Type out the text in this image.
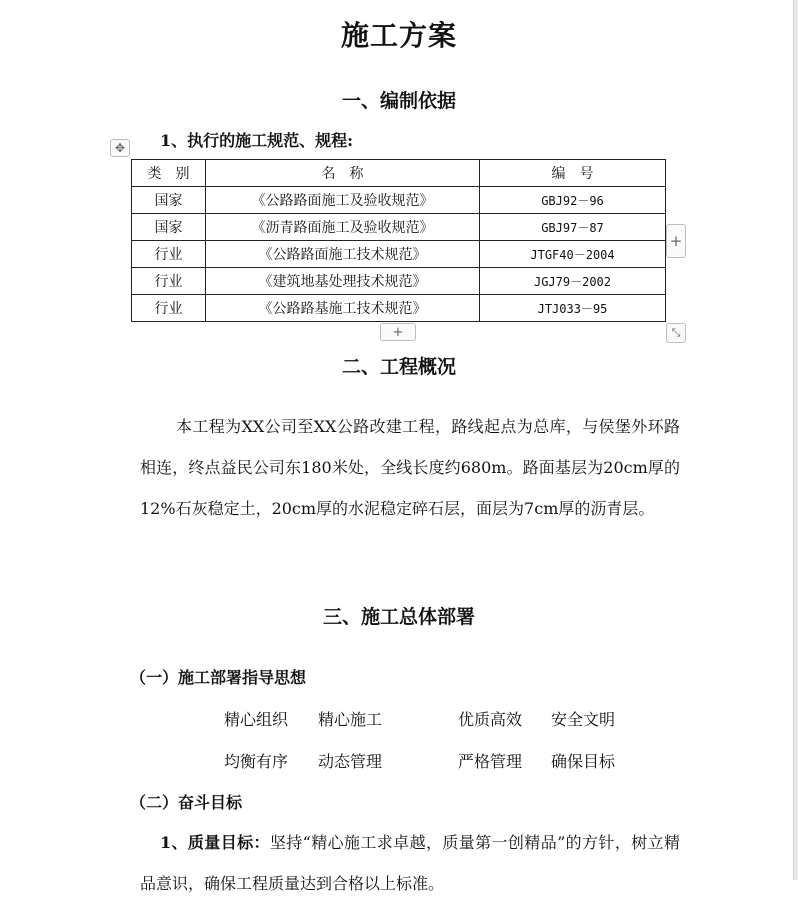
施工方案
一、编制依据
✥	1、执行的施工规范、规程:
类　别	名　称	编　号
国家	《公路路面施工及验收规范》	GBJ92－96
国家	《沥青路面施工及验收规范》	GBJ97－87
行业	《公路路面施工技术规范》	JTGF40－2004
行业	《建筑地基处理技术规范》	JGJ79－2002
行业	《公路路基施工技术规范》	JTJ033－95
+
+	⤡
二、工程概况
本工程为XX公司至XX公路改建工程，路线起点为总库，与侯堡外环路相连，终点益民公司东180米处，全线长度约680m。路面基层为20cm厚的12%石灰稳定土，20cm厚的水泥稳定碎石层，面层为7cm厚的沥青层。
三、施工总体部署
（一）施工部署指导思想
精心组织 精心施工	优质高效 安全文明
均衡有序 动态管理	严格管理 确保目标
（二）奋斗目标
1、质量目标：坚持“精心施工求卓越，质量第一创精品”的方针，树立精品意识，确保工程质量达到合格以上标准。
